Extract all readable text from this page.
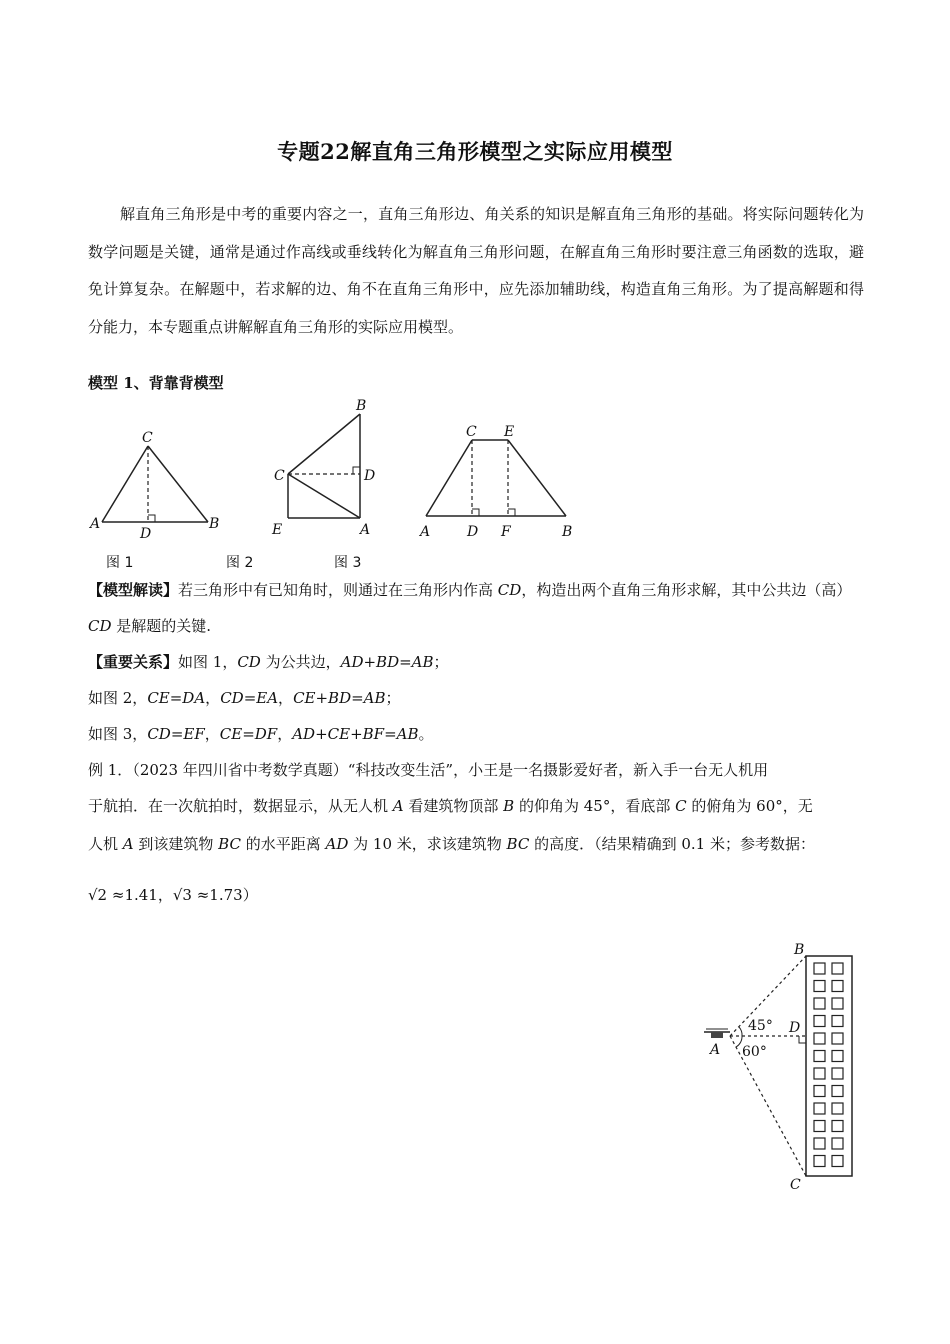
专题22解直角三角形模型之实际应用模型
解直角三角形是中考的重要内容之一，直角三角形边、角关系的知识是解直角三角形的基础。将实际问题转化为数学问题是关键，通常是通过作高线或垂线转化为解直角三角形问题，在解直角三角形时要注意三角函数的选取，避免计算复杂。在解题中，若求解的边、角不在直角三角形中，应先添加辅助线，构造直角三角形。为了提高解题和得分能力，本专题重点讲解解直角三角形的实际应用模型。
模型 1、背靠背模型
C
A
D
B
B
C	D
E	A
C E
A	D F	B
图 1	图 2	图 3
【模型解读】若三角形中有已知角时，则通过在三角形内作高 CD，构造出两个直角三角形求解，其中公共边（高）CD 是解题的关键.
【重要关系】如图 1，CD 为公共边，AD+BD=AB；
如图 2，CE=DA，CD=EA，CE+BD=AB；
如图 3，CD=EF，CE=DF，AD+CE+BF=AB。
例 1．（2023 年四川省中考数学真题）“科技改变生活”，小王是一名摄影爱好者，新入手一台无人机用
于航拍．在一次航拍时，数据显示，从无人机 A 看建筑物顶部 B 的仰角为 45°，看底部 C 的俯角为 60°，无
人机 A 到该建筑物 BC 的水平距离 AD 为 10 米，求该建筑物 BC 的高度．（结果精确到 0.1 米；参考数据：
√2 ≈1.41，√3 ≈1.73）
B
D
A
C
45°
60°
